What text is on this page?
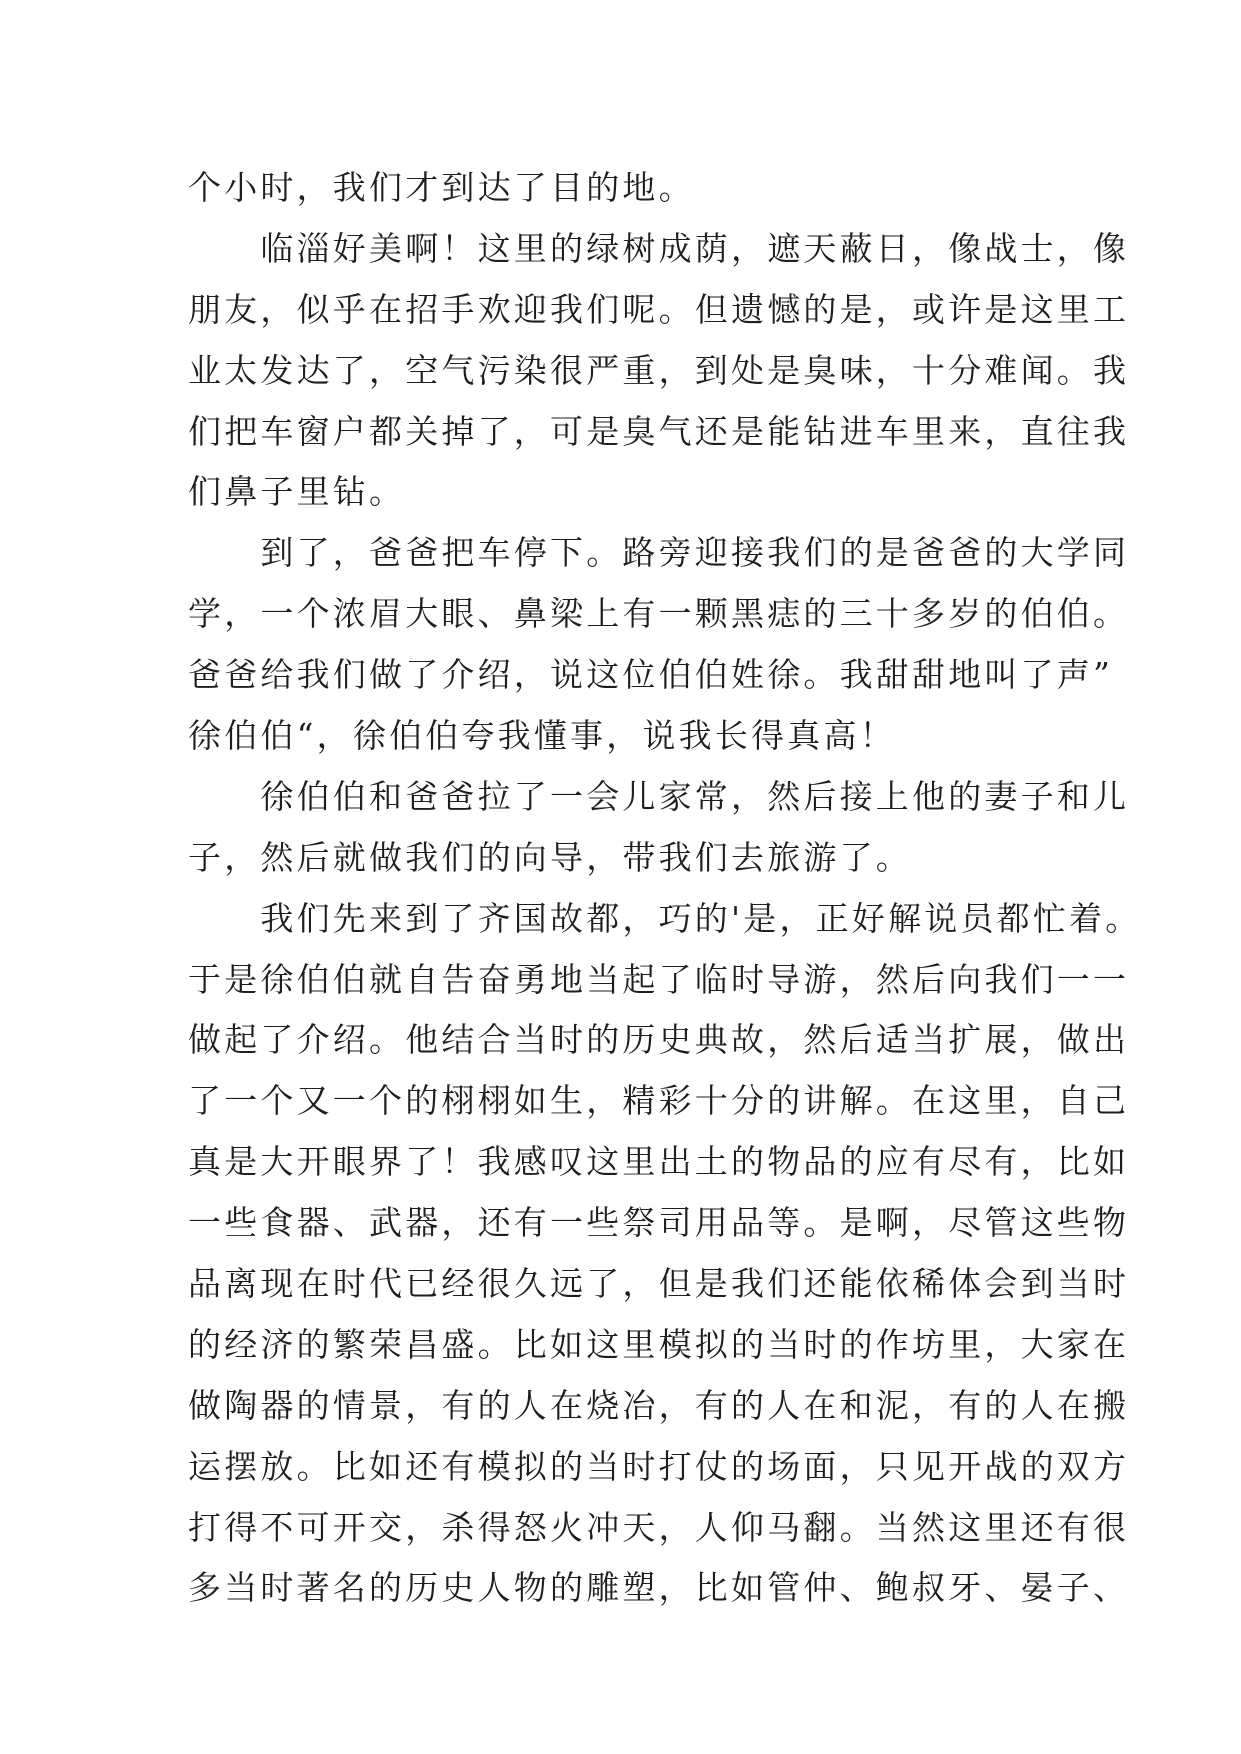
个小时，我们才到达了目的地。
　　临淄好美啊！这里的绿树成荫，遮天蔽日，像战士，像
朋友，似乎在招手欢迎我们呢。但遗憾的是，或许是这里工
业太发达了，空气污染很严重，到处是臭味，十分难闻。我
们把车窗户都关掉了，可是臭气还是能钻进车里来，直往我
们鼻子里钻。
　　到了，爸爸把车停下。路旁迎接我们的是爸爸的大学同
学，一个浓眉大眼、鼻梁上有一颗黑痣的三十多岁的伯伯。
爸爸给我们做了介绍，说这位伯伯姓徐。我甜甜地叫了声”
徐伯伯“，徐伯伯夸我懂事，说我长得真高！
　　徐伯伯和爸爸拉了一会儿家常，然后接上他的妻子和儿
子，然后就做我们的向导，带我们去旅游了。
　　我们先来到了齐国故都，巧的'是，正好解说员都忙着。
于是徐伯伯就自告奋勇地当起了临时导游，然后向我们一一
做起了介绍。他结合当时的历史典故，然后适当扩展，做出
了一个又一个的栩栩如生，精彩十分的讲解。在这里，自己
真是大开眼界了！我感叹这里出土的物品的应有尽有，比如
一些食器、武器，还有一些祭司用品等。是啊，尽管这些物
品离现在时代已经很久远了，但是我们还能依稀体会到当时
的经济的繁荣昌盛。比如这里模拟的当时的作坊里，大家在
做陶器的情景，有的人在烧冶，有的人在和泥，有的人在搬
运摆放。比如还有模拟的当时打仗的场面，只见开战的双方
打得不可开交，杀得怒火冲天，人仰马翻。当然这里还有很
多当时著名的历史人物的雕塑，比如管仲、鲍叔牙、晏子、
